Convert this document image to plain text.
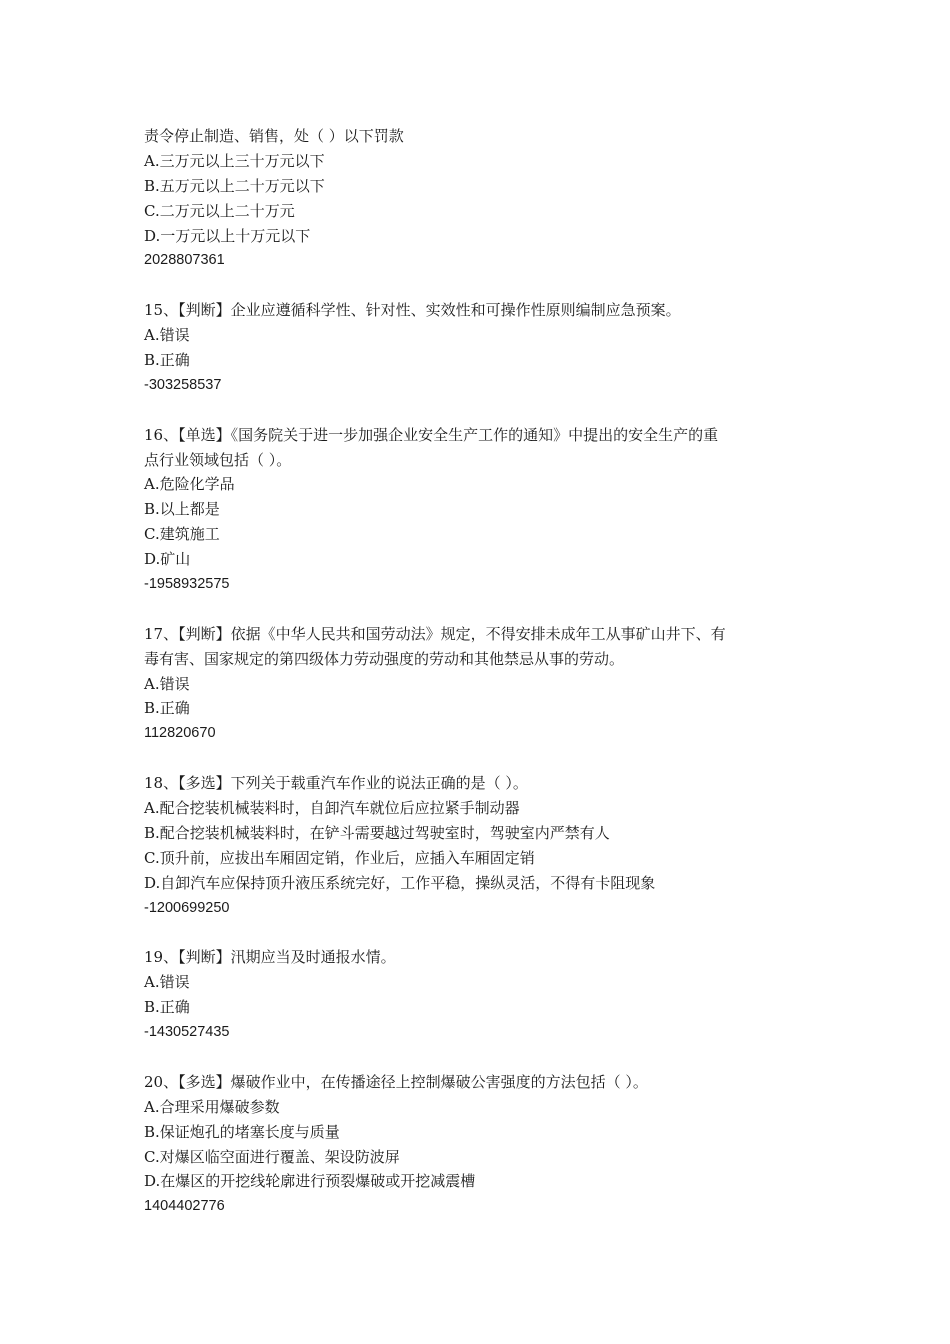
责令停止制造、销售，处（ ）以下罚款
A.三万元以上三十万元以下
B.五万元以上二十万元以下
C.二万元以上二十万元
D.一万元以上十万元以下
2028807361
15、【判断】企业应遵循科学性、针对性、实效性和可操作性原则编制应急预案。
A.错误
B.正确
-303258537
16、【单选】《国务院关于进一步加强企业安全生产工作的通知》中提出的安全生产的重
点行业领域包括（ ）。
A.危险化学品
B.以上都是
C.建筑施工
D.矿山
-1958932575
17、【判断】依据《中华人民共和国劳动法》规定，不得安排未成年工从事矿山井下、有
毒有害、国家规定的第四级体力劳动强度的劳动和其他禁忌从事的劳动。
A.错误
B.正确
112820670
18、【多选】下列关于载重汽车作业的说法正确的是（ ）。
A.配合挖装机械装料时，自卸汽车就位后应拉紧手制动器
B.配合挖装机械装料时，在铲斗需要越过驾驶室时，驾驶室内严禁有人
C.顶升前，应拔出车厢固定销，作业后，应插入车厢固定销
D.自卸汽车应保持顶升液压系统完好，工作平稳，操纵灵活，不得有卡阻现象
-1200699250
19、【判断】汛期应当及时通报水情。
A.错误
B.正确
-1430527435
20、【多选】爆破作业中，在传播途径上控制爆破公害强度的方法包括（ ）。
A.合理采用爆破参数
B.保证炮孔的堵塞长度与质量
C.对爆区临空面进行覆盖、架设防波屏
D.在爆区的开挖线轮廓进行预裂爆破或开挖减震槽
1404402776
